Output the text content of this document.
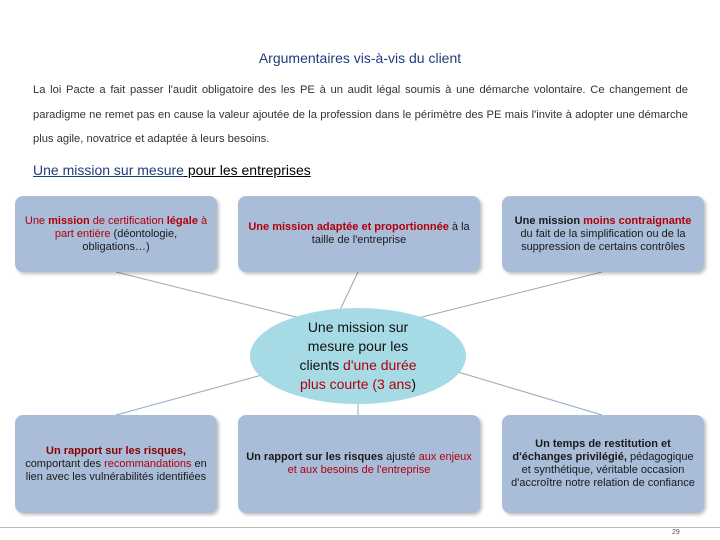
Argumentaires vis-à-vis du client
La loi Pacte a fait passer l'audit obligatoire des les PE à un audit légal soumis à une démarche volontaire. Ce changement de paradigme ne remet pas en cause la valeur ajoutée de la profession dans le périmètre des PE mais l'invite à adopter une démarche plus agile, novatrice et adaptée à leurs besoins.
Une mission sur mesure pour les entreprises
Une mission de certification légale à part entière (déontologie, obligations…)
Une mission adaptée et proportionnée à la taille de l'entreprise
Une mission moins contraignante du fait de la simplification ou de la suppression de certains contrôles
Une mission sur
mesure pour les
clients d'une durée
plus courte (3 ans)
Un rapport sur les risques, comportant des recommandations en lien avec les vulnérabilités identifiées
Un rapport sur les risques ajusté aux enjeux et aux besoins de l'entreprise
Un temps de restitution et d'échanges privilégié, pédagogique et synthétique, véritable occasion d'accroître notre relation de confiance
29
